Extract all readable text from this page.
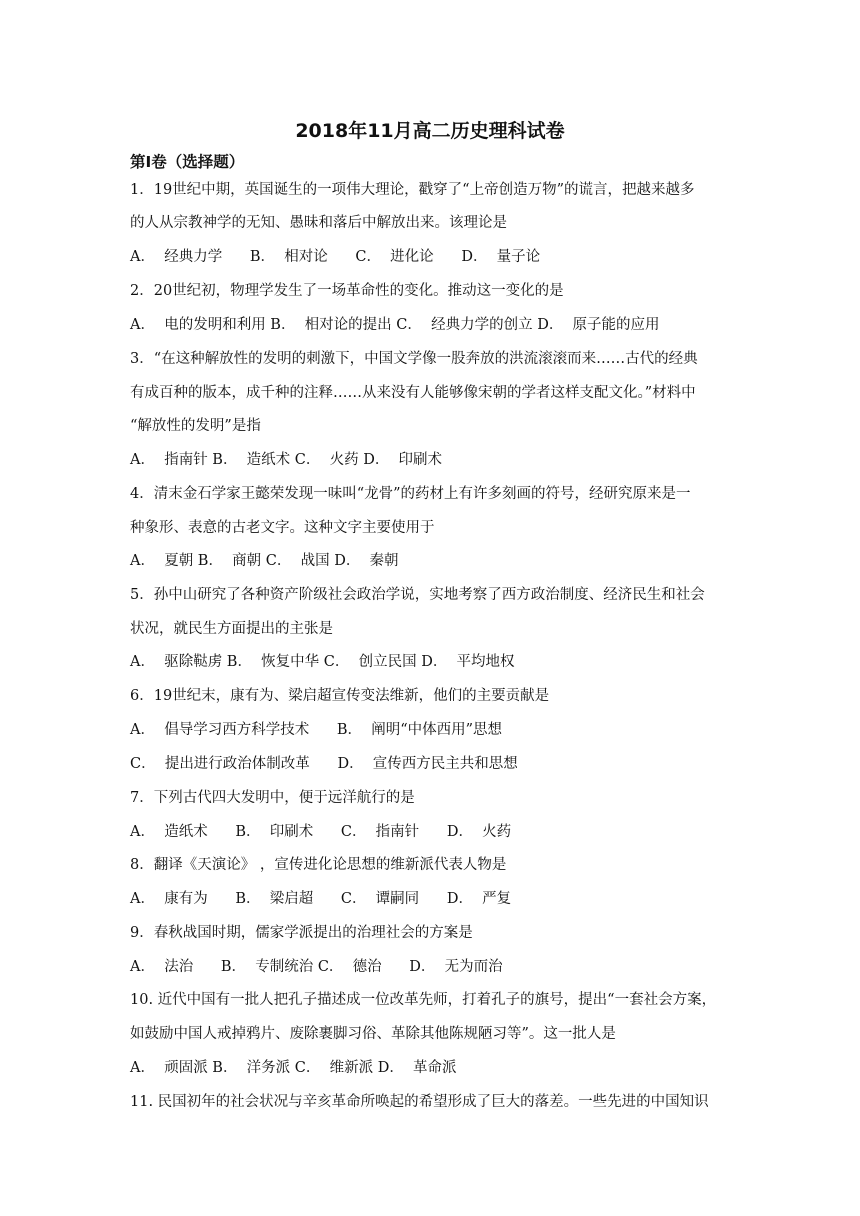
2018年11月高二历史理科试卷
第Ⅰ卷（选择题）
1．19世纪中期，英国诞生的一项伟大理论，戳穿了“上帝创造万物”的谎言，把越来越多
的人从宗教神学的无知、愚昧和落后中解放出来。该理论是
A．  经典力学      B．  相对论      C．  进化论      D．  量子论
2．20世纪初，物理学发生了一场革命性的变化。推动这一变化的是
A．  电的发明和利用 B．  相对论的提出 C．  经典力学的创立 D．  原子能的应用
3．“在这种解放性的发明的刺激下，中国文学像一股奔放的洪流滚滚而来……古代的经典
有成百种的版本，成千种的注释……从来没有人能够像宋朝的学者这样支配文化。”材料中
“解放性的发明”是指
A．  指南针 B．  造纸术 C．  火药 D．  印刷术
4．清末金石学家王懿荣发现一味叫“龙骨”的药材上有许多刻画的符号，经研究原来是一
种象形、表意的古老文字。这种文字主要使用于
A．  夏朝 B．  商朝 C．  战国 D．  秦朝
5．孙中山研究了各种资产阶级社会政治学说，实地考察了西方政治制度、经济民生和社会
状况，就民生方面提出的主张是
A．  驱除鞑虏 B．  恢复中华 C．  创立民国 D．  平均地权
6．19世纪末，康有为、梁启超宣传变法维新，他们的主要贡献是
A．  倡导学习西方科学技术      B．  阐明“中体西用”思想
C．  提出进行政治体制改革      D．  宣传西方民主共和思想
7．下列古代四大发明中，便于远洋航行的是
A．  造纸术      B．  印刷术      C．  指南针      D．  火药
8．翻译《天演论》 ，宣传进化论思想的维新派代表人物是
A．  康有为      B．  梁启超      C．  谭嗣同      D．  严复
9．春秋战国时期，儒家学派提出的治理社会的方案是
A．  法治      B．  专制统治 C．  德治      D．  无为而治
10. 近代中国有一批人把孔子描述成一位改革先师，打着孔子的旗号，提出“一套社会方案，
如鼓励中国人戒掉鸦片、废除裹脚习俗、革除其他陈规陋习等”。这一批人是
A．  顽固派 B．  洋务派 C．  维新派 D．  革命派
11. 民国初年的社会状况与辛亥革命所唤起的希望形成了巨大的落差。一些先进的中国知识
